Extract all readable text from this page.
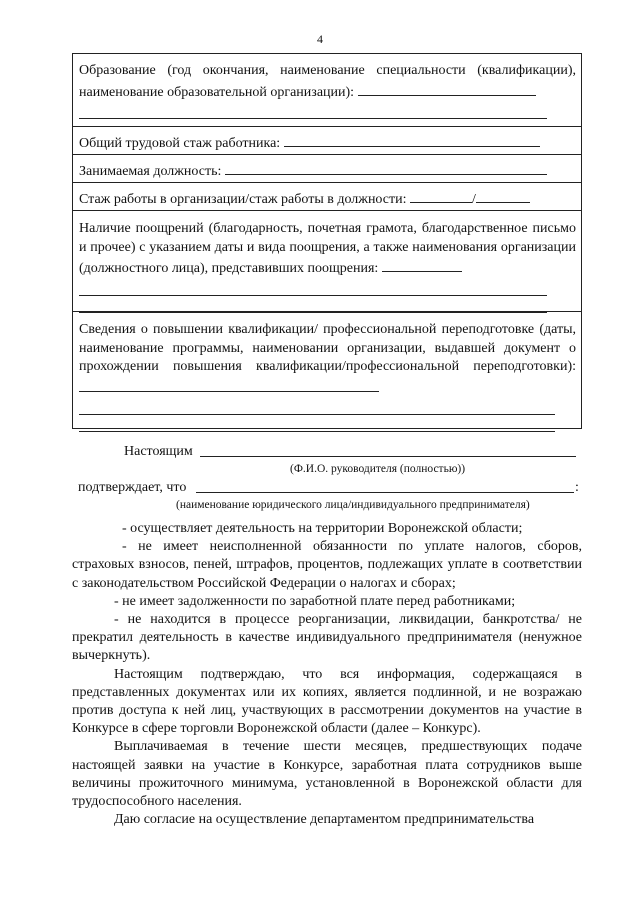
4
Образование (год окончания, наименование специальности (квалификации), наименование образовательной организации):
Общий трудовой стаж работника:
Занимаемая должность:
Стаж работы в организации/стаж работы в должности:	/
Наличие поощрений (благодарность, почетная грамота, благодарственное письмо и прочее) с указанием даты и вида поощрения, а также наименования организации (должностного лица), представивших поощрения:
Сведения о повышении квалификации/ профессиональной переподготовке (даты, наименование программы, наименовании организации, выдавшей документ о прохождении повышения квалификации/профессиональной переподготовки):
Настоящим
(Ф.И.О. руководителя (полностью))
подтверждает, что	:
(наименование юридического лица/индивидуального предпринимателя)

- осуществляет деятельность на территории Воронежской области;

- не имеет неисполненной обязанности по уплате налогов, сборов, страховых взносов, пеней, штрафов, процентов, подлежащих уплате в соответствии с законодательством Российской Федерации о налогах и сборах;

- не имеет задолженности по заработной плате перед работниками;

- не находится в процессе реорганизации, ликвидации, банкротства/ не прекратил деятельность в качестве индивидуального предпринимателя (ненужное вычеркнуть).

Настоящим подтверждаю, что вся информация, содержащаяся в представленных документах или их копиях, является подлинной, и не возражаю против доступа к ней лиц, участвующих в рассмотрении документов на участие в Конкурсе в сфере торговли Воронежской области (далее – Конкурс).

Выплачиваемая в течение шести месяцев, предшествующих подаче настоящей заявки на участие в Конкурсе, заработная плата сотрудников выше величины прожиточного минимума, установленной в Воронежской области для трудоспособного населения.

Даю согласие на осуществление департаментом предпринимательства
